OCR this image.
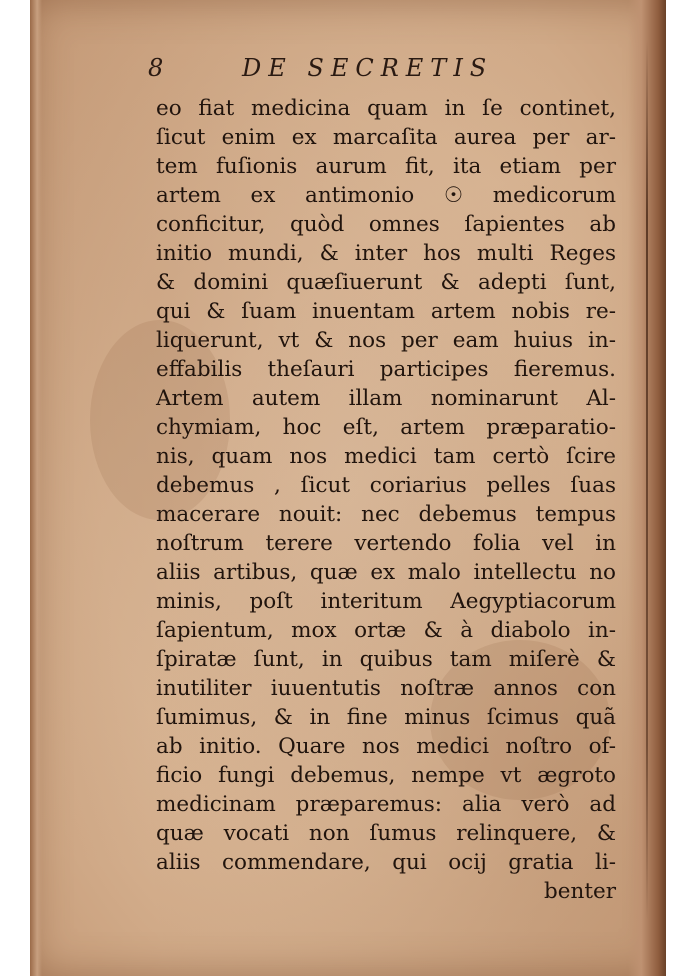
8	DE SECRETIS
eo fiat medicina quam in ſe continet,
ſicut enim ex marcaſita aurea per ar-
tem fuſionis aurum fit, ita etiam per
artem ex antimonio ☉ medicorum
conficitur, quòd omnes ſapientes ab
initio mundi, & inter hos multi Reges
& domini quæſiuerunt & adepti ſunt,
qui & ſuam inuentam artem nobis re-
liquerunt, vt & nos per eam huius in-
effabilis theſauri participes fieremus.
Artem autem illam nominarunt Al-
chymiam, hoc eſt, artem præparatio-
nis, quam nos medici tam certò ſcire
debemus , ſicut coriarius pelles ſuas
macerare nouit: nec debemus tempus
noſtrum terere vertendo folia vel in
aliis artibus, quæ ex malo intellectu no
minis, poſt interitum Aegyptiacorum
ſapientum, mox ortæ & à diabolo in-
ſpiratæ ſunt, in quibus tam miſerè &
inutiliter iuuentutis noſtræ annos con
ſumimus, & in fine minus ſcimus quã
ab initio. Quare nos medici noſtro of-
ficio fungi debemus, nempe vt ægroto
medicinam præparemus: alia verò ad
quæ vocati non ſumus relinquere, &
aliis commendare, qui ocij gratia li-
benter
